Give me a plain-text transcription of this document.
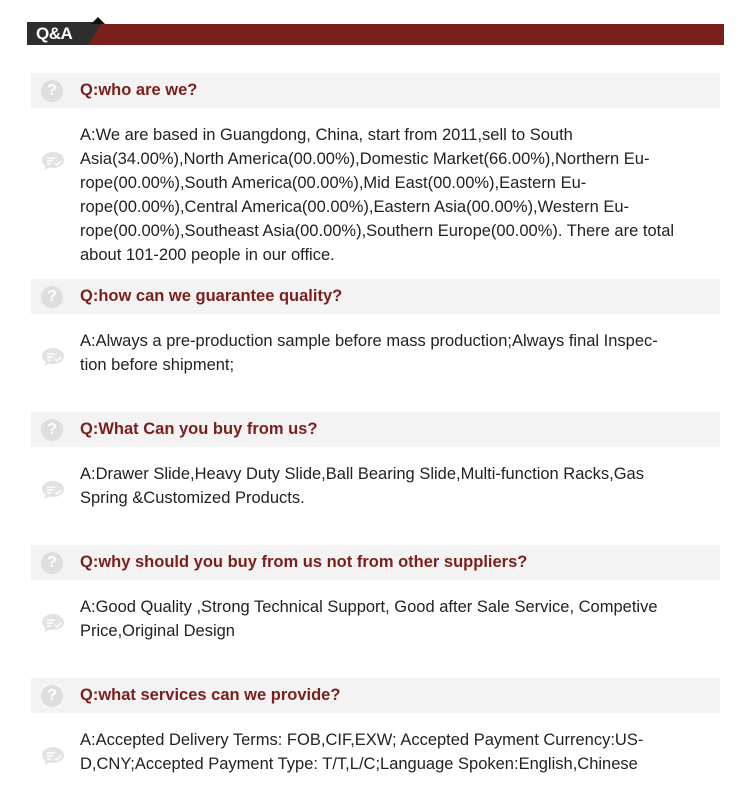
Q&A
?	Q:who are we?
A:We are based in Guangdong, China, start from 2011,sell to South
Asia(34.00%),North America(00.00%),Domestic Market(66.00%),Northern Eu-
rope(00.00%),South America(00.00%),Mid East(00.00%),Eastern Eu-
rope(00.00%),Central America(00.00%),Eastern Asia(00.00%),Western Eu-
rope(00.00%),Southeast Asia(00.00%),Southern Europe(00.00%). There are total
about 101-200 people in our office.
?	Q:how can we guarantee quality?
A:Always a pre-production sample before mass production;Always final Inspec-
tion before shipment;
?	Q:What Can you buy from us?
A:Drawer Slide,Heavy Duty Slide,Ball Bearing Slide,Multi-function Racks,Gas
Spring &Customized Products.
?	Q:why should you buy from us not from other suppliers?
A:Good Quality ,Strong Technical Support, Good after Sale Service, Competive
Price,Original Design
?	Q:what services can we provide?
A:Accepted Delivery Terms: FOB,CIF,EXW; Accepted Payment Currency:US-
D,CNY;Accepted Payment Type: T/T,L/C;Language Spoken:English,Chinese
